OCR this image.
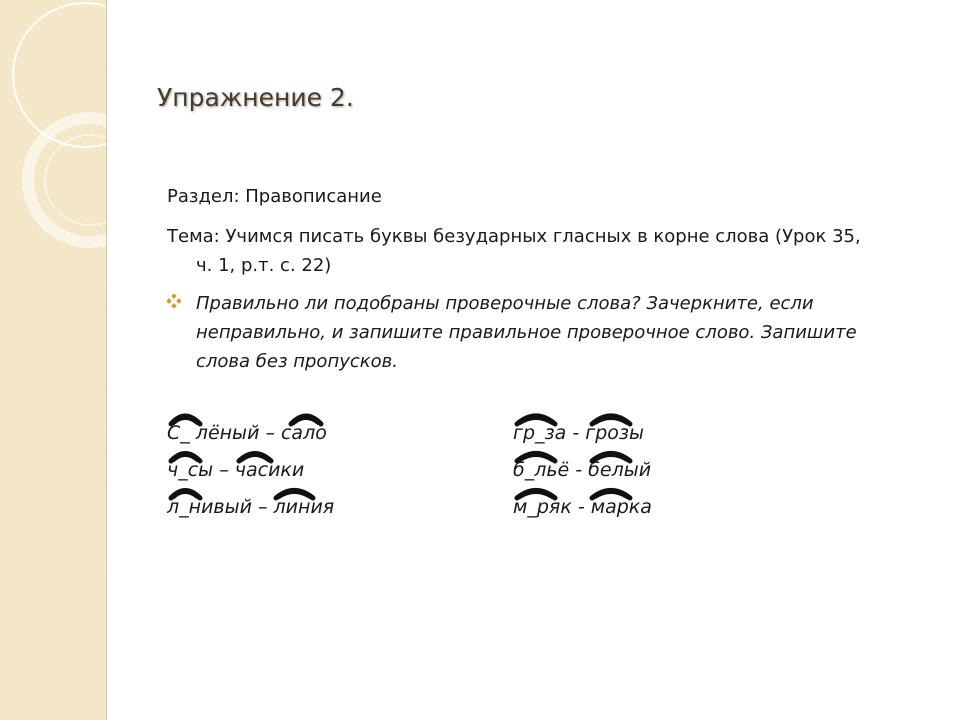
Упражнение 2.
Раздел: Правописание
Тема: Учимся писать буквы безударных гласных в корне слова (Урок 35,
ч. 1, р.т. с. 22)
Правильно ли подобраны проверочные слова? Зачеркните, если неправильно, и запишите правильное проверочное слово. Запишите слова без пропусков.
С_ лёный – сало
ч_сы – часики
л_нивый – линия
гр_за - грозы
б_льё - белый
м_ряк - марка
